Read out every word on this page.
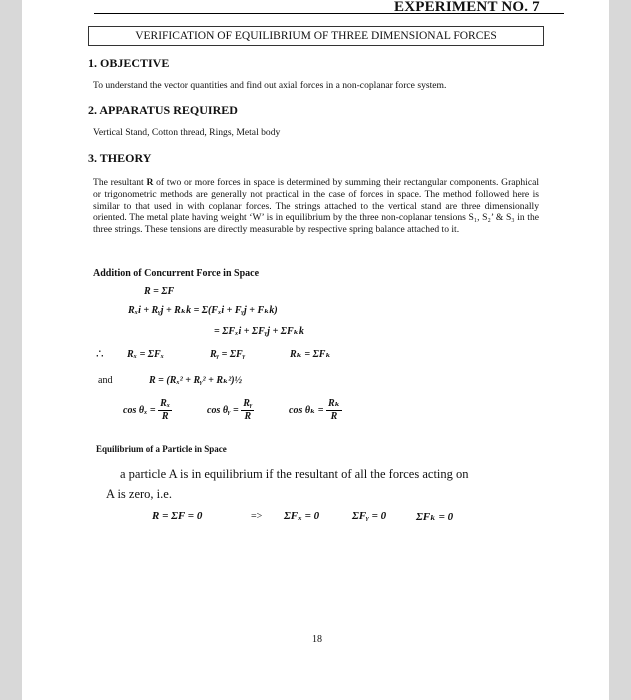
EXPERIMENT NO. 7
VERIFICATION OF EQUILIBRIUM OF THREE DIMENSIONAL FORCES
1. OBJECTIVE
To understand the vector quantities and find out axial forces in a non-coplanar force system.
2. APPARATUS REQUIRED
Vertical Stand, Cotton thread, Rings, Metal body
3. THEORY
The resultant R of two or more forces in space is determined by summing their rectangular components. Graphical or trigonometric methods are generally not practical in the case of forces in space. The method followed here is similar to that used in with coplanar forces. The strings attached to the vertical stand are three dimensionally oriented. The metal plate having weight ‘W’ is in equilibrium by the three non-coplanar tensions S₁, S₂’ & S₃ in the three strings. These tensions are directly measurable by respective spring balance attached to it.
Addition of Concurrent Force in Space
R = ΣF
Rₓi + Rᵧj + Rₖk = Σ(Fₓi + Fᵧj + Fₖk)
= ΣFₓi + ΣFᵧj + ΣFₖk
∴ Rₓ = ΣFₓ	Rᵧ = ΣFᵧ	Rₖ = ΣFₖ
and	R = (Rₓ² + Rᵧ² + Rₖ²)½
$\cos \theta_x = \frac{\text{Rₓ}}{R}$	cos θᵧ = $\frac{\text{Rᵧ}}{R}$	$\cos \theta_k = \frac{\text{Rₖ}}{R}$
Equilibrium of a Particle in Space
a particle A is in equilibrium if the resultant of all the forces acting on
A is zero, i.e.
R = ΣF = 0	=> ΣFₓ = 0	ΣFᵧ = 0	ΣFₖ = 0
18
